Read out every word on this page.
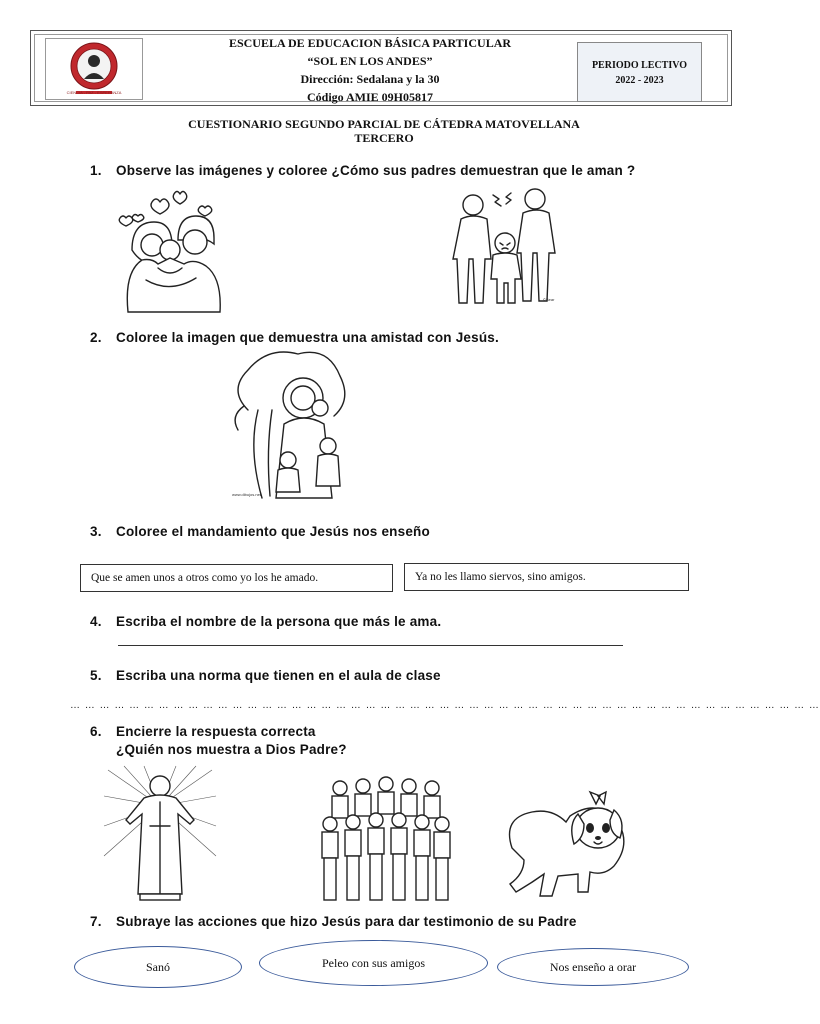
CIENCIA - PAZ - ESPERANZA
ESCUELA DE EDUCACION BÁSICA PARTICULAR
“SOL EN LOS ANDES”
Dirección: Sedalana y la 30
Código AMIE 09H05817
PERIODO LECTIVO
2022 - 2023
CUESTIONARIO SEGUNDO PARCIAL DE CÁTEDRA MATOVELLANA
TERCERO
1. Observe las imágenes y coloree ¿Cómo sus padres demuestran que le aman ?
©Bear
2. Coloree la imagen que demuestra una amistad con Jesús.
www.dibujos.net
3. Coloree el mandamiento que Jesús nos enseño
Que se amen unos a otros como yo los he amado.	Ya no les llamo siervos, sino amigos.
4. Escriba el nombre de la persona que más le ama.
5. Escriba una norma que tienen en el aula de clase
… … … … … … … … … … … … … … … … … … … … … … … … … … … … … … … … … … … … … … … … … … … … … … … … … … …
6. Encierre la respuesta correcta
¿Quién nos muestra a Dios Padre?
7. Subraye las acciones que hizo Jesús para dar testimonio de su Padre
Sanó	Peleo con sus amigos	Nos enseño a orar
